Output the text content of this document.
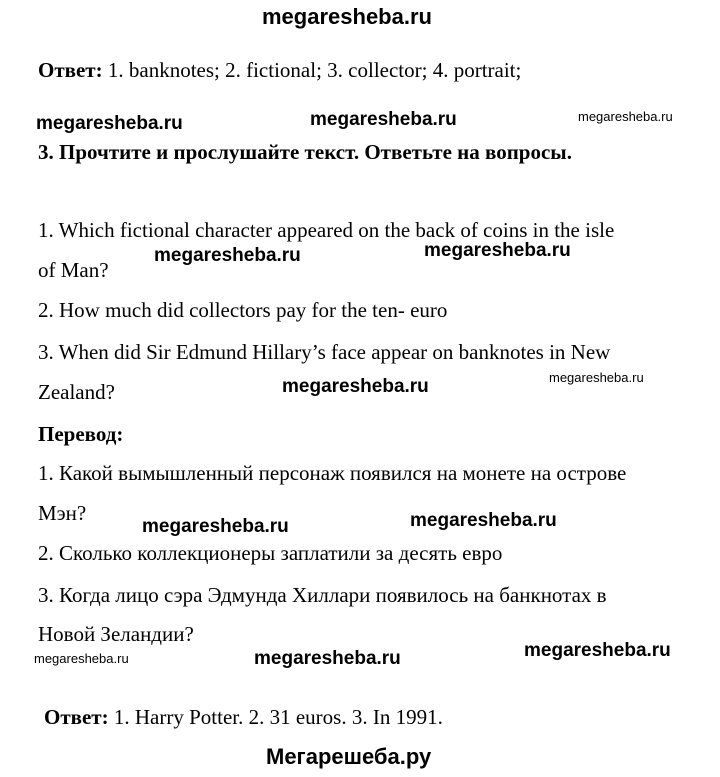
megaresheba.ru
Ответ: 1. banknotes; 2. fictional; 3. collector; 4. portrait;
megaresheba.ru	megaresheba.ru	megaresheba.ru
3. Прочтите и прослушайте текст. Ответьте на вопросы.
1. Which fictional character appeared on the back of coins in the isle
megaresheba.ru	megaresheba.ru
of Man?
2. How much did collectors pay for the ten- euro
3. When did Sir Edmund Hillary’s face appear on banknotes in New
Zealand?	megaresheba.ru	megaresheba.ru
Перевод:
1. Какой вымышленный персонаж появился на монете на острове
Мэн?
megaresheba.ru	megaresheba.ru
2. Сколько коллекционеры заплатили за десять евро
3. Когда лицо сэра Эдмунда Хиллари появилось на банкнотах в
Новой Зеландии?
megaresheba.ru	megaresheba.ru	megaresheba.ru
Ответ: 1. Harry Potter. 2. 31 euros. 3. In 1991.
Мегарешеба.ру
